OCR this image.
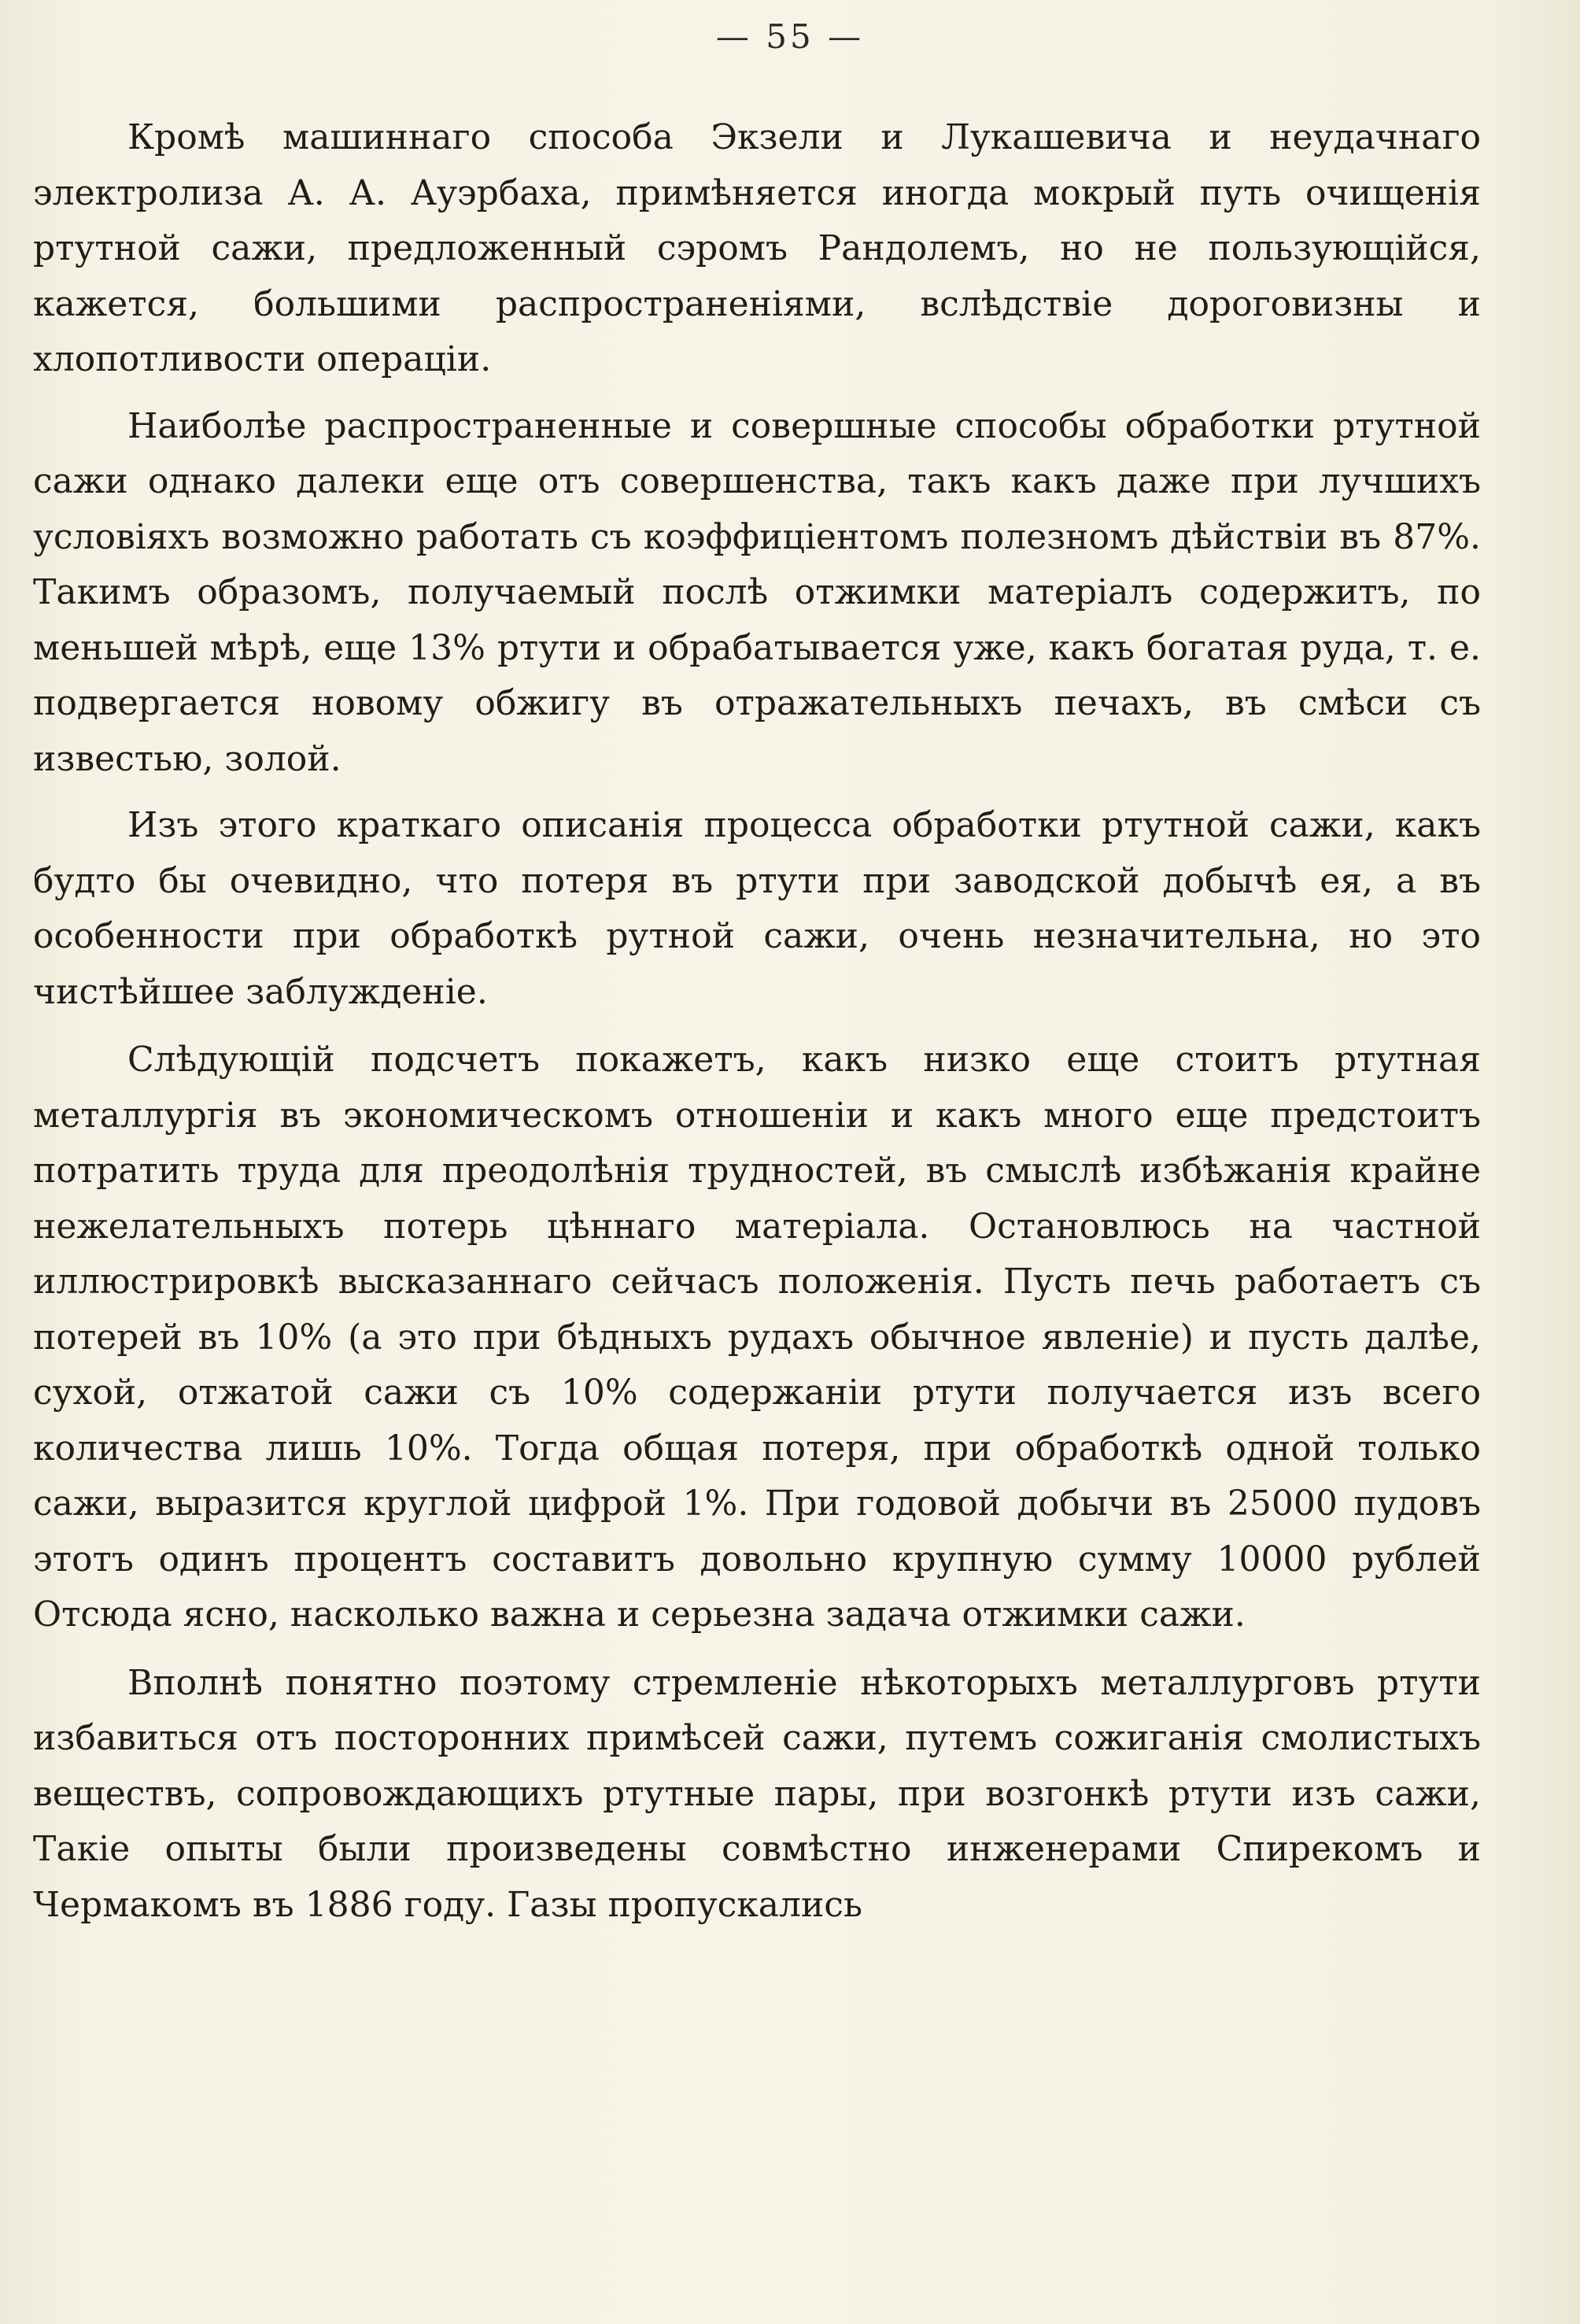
— 55 —

Кромѣ машиннаго способа Экзели и Лукашевича и неудачнаго электролиза А. А. Ауэрбаха, примѣняется иногда мокрый путь очищенія ртутной сажи, предложенный сэромъ Рандолемъ, но не пользующійся, кажется, большими распространеніями, вслѣдствіе дороговизны и хлопотливости операціи.

Наиболѣе распространенные и совершные способы обработки ртутной сажи однако далеки еще отъ совершенства, такъ какъ даже при лучшихъ условіяхъ возможно работать съ коэффиціентомъ полезномъ дѣйствіи въ 87%. Такимъ образомъ, получаемый послѣ отжимки матеріалъ содержитъ, по меньшей мѣрѣ, еще 13% ртути и обрабатывается уже, какъ богатая руда, т. е. подвергается новому обжигу въ отражательныхъ печахъ, въ смѣси съ известью, золой.

Изъ этого краткаго описанія процесса обработки ртутной сажи, какъ будто бы очевидно, что потеря въ ртути при заводской добычѣ ея, а въ особенности при обработкѣ рутной сажи, очень незначительна, но это чистѣйшее заблужденіе.

Слѣдующій подсчетъ покажетъ, какъ низко еще стоитъ ртутная металлургія въ экономическомъ отношеніи и какъ много еще предстоитъ потратить труда для преодолѣнія трудностей, въ смыслѣ избѣжанія крайне нежелательныхъ потерь цѣннаго матеріала. Остановлюсь на частной иллюстрировкѣ высказаннаго сейчасъ положенія. Пусть печь работаетъ съ потерей въ 10% (а это при бѣдныхъ рудахъ обычное явленіе) и пусть далѣе, сухой, отжатой сажи съ 10% содержаніи ртути получается изъ всего количества лишь 10%. Тогда общая потеря, при обработкѣ одной только сажи, выразится круглой цифрой 1%. При годовой добычи въ 25000 пудовъ этотъ одинъ процентъ составитъ довольно крупную сумму 10000 рублей Отсюда ясно, насколько важна и серьезна задача отжимки сажи.

Вполнѣ понятно поэтому стремленіе нѣкоторыхъ металлурговъ ртути избавиться отъ посторонних примѣсей сажи, путемъ сожиганія смолистыхъ веществъ, сопровождающихъ ртутные пары, при возгонкѣ ртути изъ сажи, Такіе опыты были произведены совмѣстно инженерами Спирекомъ и Чермакомъ въ 1886 году. Газы пропускались
